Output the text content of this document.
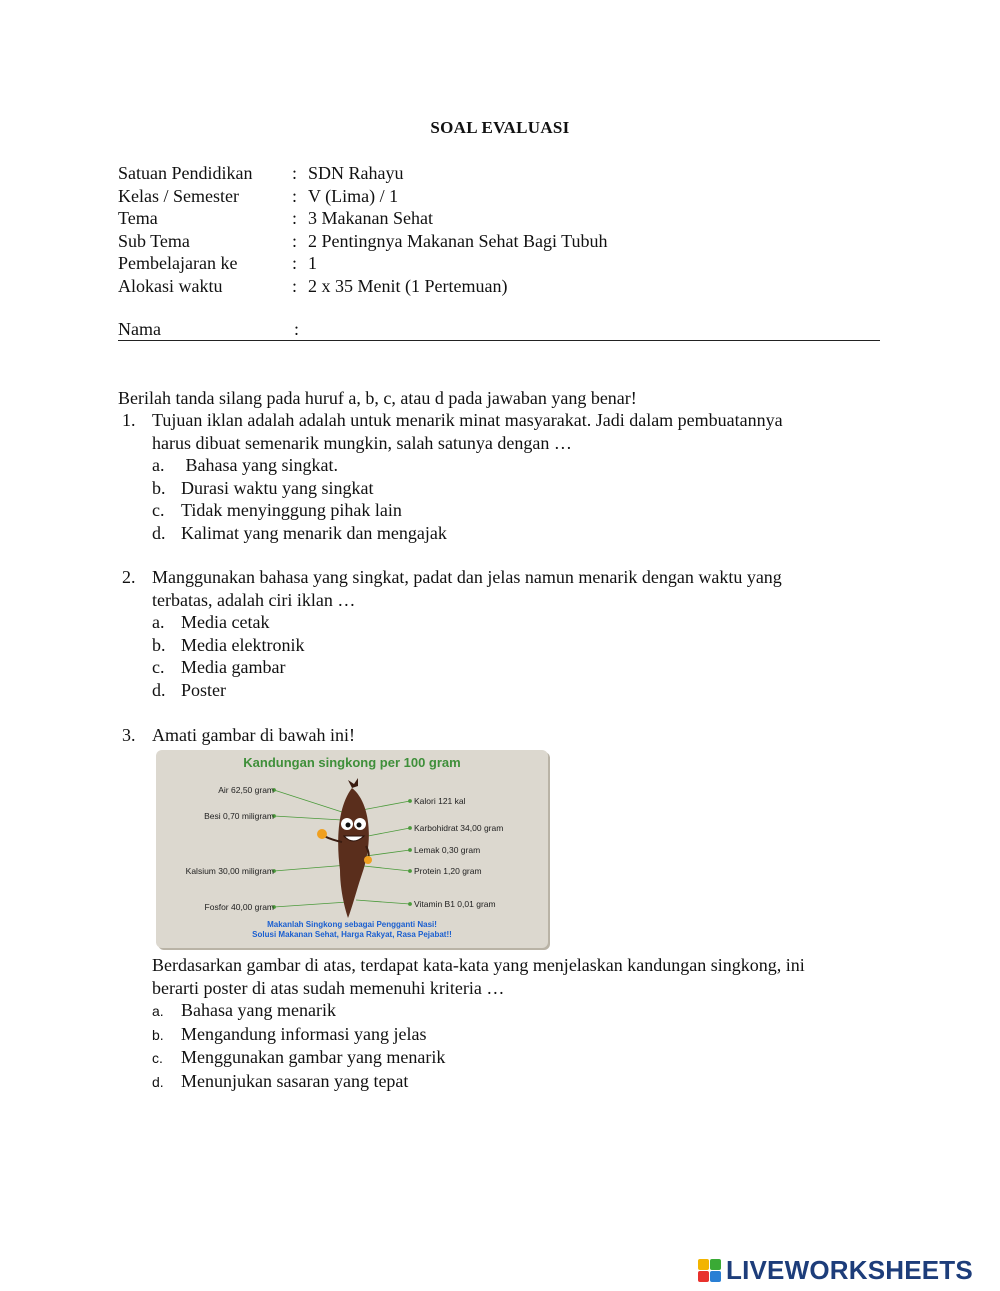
SOAL EVALUASI
Satuan Pendidikan : SDN Rahayu
Kelas / Semester	: V (Lima) / 1
Tema	: 3 Makanan Sehat
Sub Tema	: 2 Pentingnya Makanan Sehat Bagi Tubuh
Pembelajaran ke	: 1
Alokasi waktu	: 2 x 35 Menit (1 Pertemuan)
Nama	:
Berilah tanda silang pada huruf a, b, c, atau d pada jawaban yang benar!
1. Tujuan iklan adalah adalah untuk menarik minat masyarakat. Jadi dalam pembuatannya
harus dibuat semenarik mungkin, salah satunya dengan …
a. Bahasa yang singkat.
b. Durasi waktu yang singkat
c. Tidak menyinggung pihak lain
d. Kalimat yang menarik dan mengajak
2. Manggunakan bahasa yang singkat, padat dan jelas namun menarik dengan waktu yang
terbatas, adalah ciri iklan …
a. Media cetak
b. Media elektronik
c. Media gambar
d. Poster
3. Amati gambar di bawah ini!
Kandungan singkong per 100 gram
Air 62,50 gram
Besi 0,70 miligram
Kalsium 30,00 miligram
Fosfor 40,00 gram
Kalori 121 kal
Karbohidrat 34,00 gram
Lemak 0,30 gram
Protein 1,20 gram
Vitamin B1 0,01 gram
Makanlah Singkong sebagai Pengganti Nasi!
Solusi Makanan Sehat, Harga Rakyat, Rasa Pejabat!!
Berdasarkan gambar di atas, terdapat kata-kata yang menjelaskan kandungan singkong, ini
berarti poster di atas sudah memenuhi kriteria …
a. Bahasa yang menarik
b. Mengandung informasi yang jelas
c. Menggunakan gambar yang menarik
d. Menunjukan sasaran yang tepat
LIVEWORKSHEETS
